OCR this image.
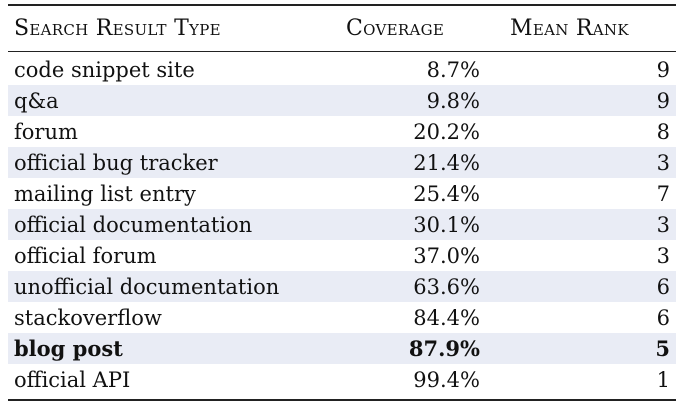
Search Result Type	Coverage	Mean Rank
code snippet site	8.7%	9
q&a	9.8%	9
forum	20.2%	8
official bug tracker	21.4%	3
mailing list entry	25.4%	7
official documentation	30.1%	3
official forum	37.0%	3
unofficial documentation	63.6%	6
stackoverflow	84.4%	6
blog post	87.9%	5
official API	99.4%	1
